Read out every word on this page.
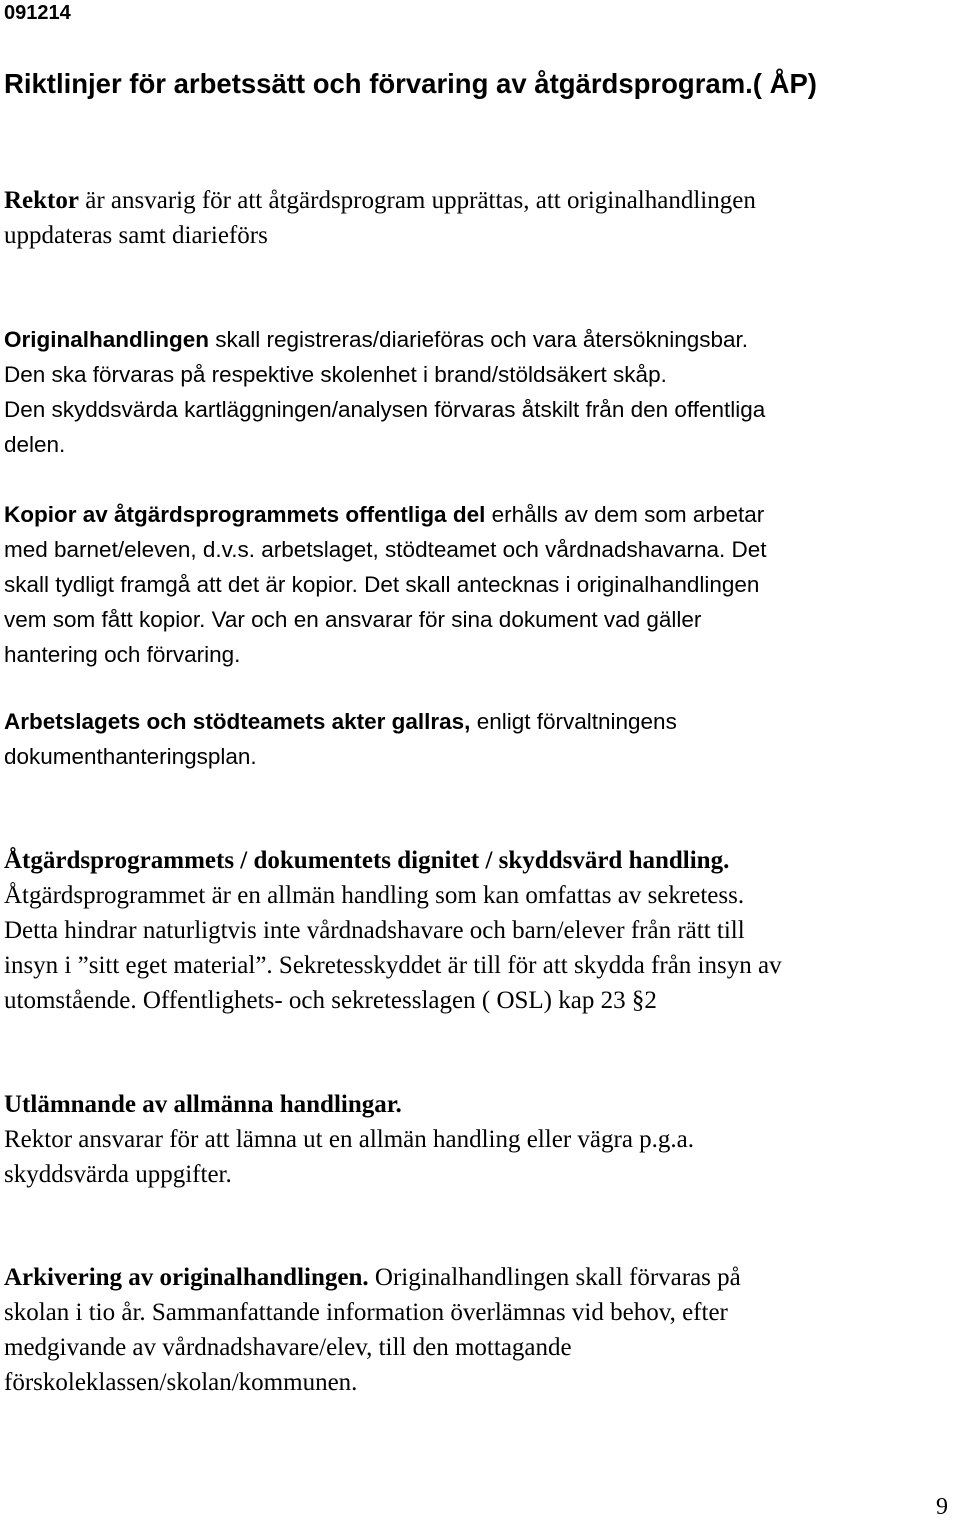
091214
Riktlinjer för arbetssätt och förvaring av åtgärdsprogram.( ÅP)
Rektor är ansvarig för att åtgärdsprogram upprättas, att originalhandlingen
uppdateras samt diarieförs
Originalhandlingen skall registreras/diarieföras och vara återsökningsbar.
Den ska förvaras på respektive skolenhet i brand/stöldsäkert skåp.
Den skyddsvärda kartläggningen/analysen förvaras åtskilt från den offentliga
delen.
Kopior av åtgärdsprogrammets offentliga del erhålls av dem som arbetar
med barnet/eleven, d.v.s. arbetslaget, stödteamet och vårdnadshavarna. Det
skall tydligt framgå att det är kopior. Det skall antecknas i originalhandlingen
vem som fått kopior. Var och en ansvarar för sina dokument vad gäller
hantering och förvaring.
Arbetslagets och stödteamets akter gallras, enligt förvaltningens
dokumenthanteringsplan.
Åtgärdsprogrammets / dokumentets dignitet / skyddsvärd handling.
Åtgärdsprogrammet är en allmän handling som kan omfattas av sekretess.
Detta hindrar naturligtvis inte vårdnadshavare och barn/elever från rätt till
insyn i ”sitt eget material”. Sekretesskyddet är till för att skydda från insyn av
utomstående. Offentlighets- och sekretesslagen ( OSL) kap 23 §2
Utlämnande av allmänna handlingar.
Rektor ansvarar för att lämna ut en allmän handling eller vägra p.g.a.
skyddsvärda uppgifter.
Arkivering av originalhandlingen. Originalhandlingen skall förvaras på
skolan i tio år. Sammanfattande information överlämnas vid behov, efter
medgivande av vårdnadshavare/elev, till den mottagande
förskoleklassen/skolan/kommunen.
9
